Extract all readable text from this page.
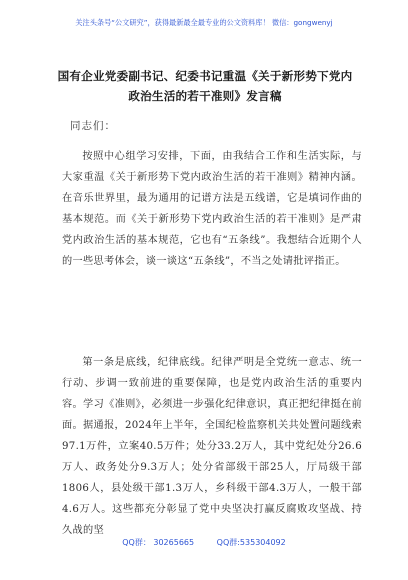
关注头条号“公文研究”，获得最新最全最专业的公文资料库！ 微信：gongwenyj
国有企业党委副书记、纪委书记重温《关于新形势下党内
政治生活的若干准则》发言稿
同志们：
按照中心组学习安排，下面，由我结合工作和生活实际，与大家重温《关于新形势下党内政治生活的若干准则》精神内涵。在音乐世界里，最为通用的记谱方法是五线谱，它是填词作曲的基本规范。而《关于新形势下党内政治生活的若干准则》是严肃党内政治生活的基本规范，它也有“五条线”。我想结合近期个人的一些思考体会，谈一谈这“五条线”，不当之处请批评指正。
第一条是底线，纪律底线。纪律严明是全党统一意志、统一行动、步调一致前进的重要保障，也是党内政治生活的重要内容。学习《准则》，必须进一步强化纪律意识，真正把纪律挺在前面。据通报，2024年上半年，全国纪检监察机关共处置问题线索97.1万件，立案40.5万件；处分33.2万人，其中党纪处分26.6万人、政务处分9.3万人；处分省部级干部25人，厅局级干部1806人，县处级干部1.3万人，乡科级干部4.3万人，一般干部4.6万人。这些都充分彰显了党中央坚决打赢反腐败攻坚战、持久战的坚
QQ群： 30265665	QQ群:535304092
